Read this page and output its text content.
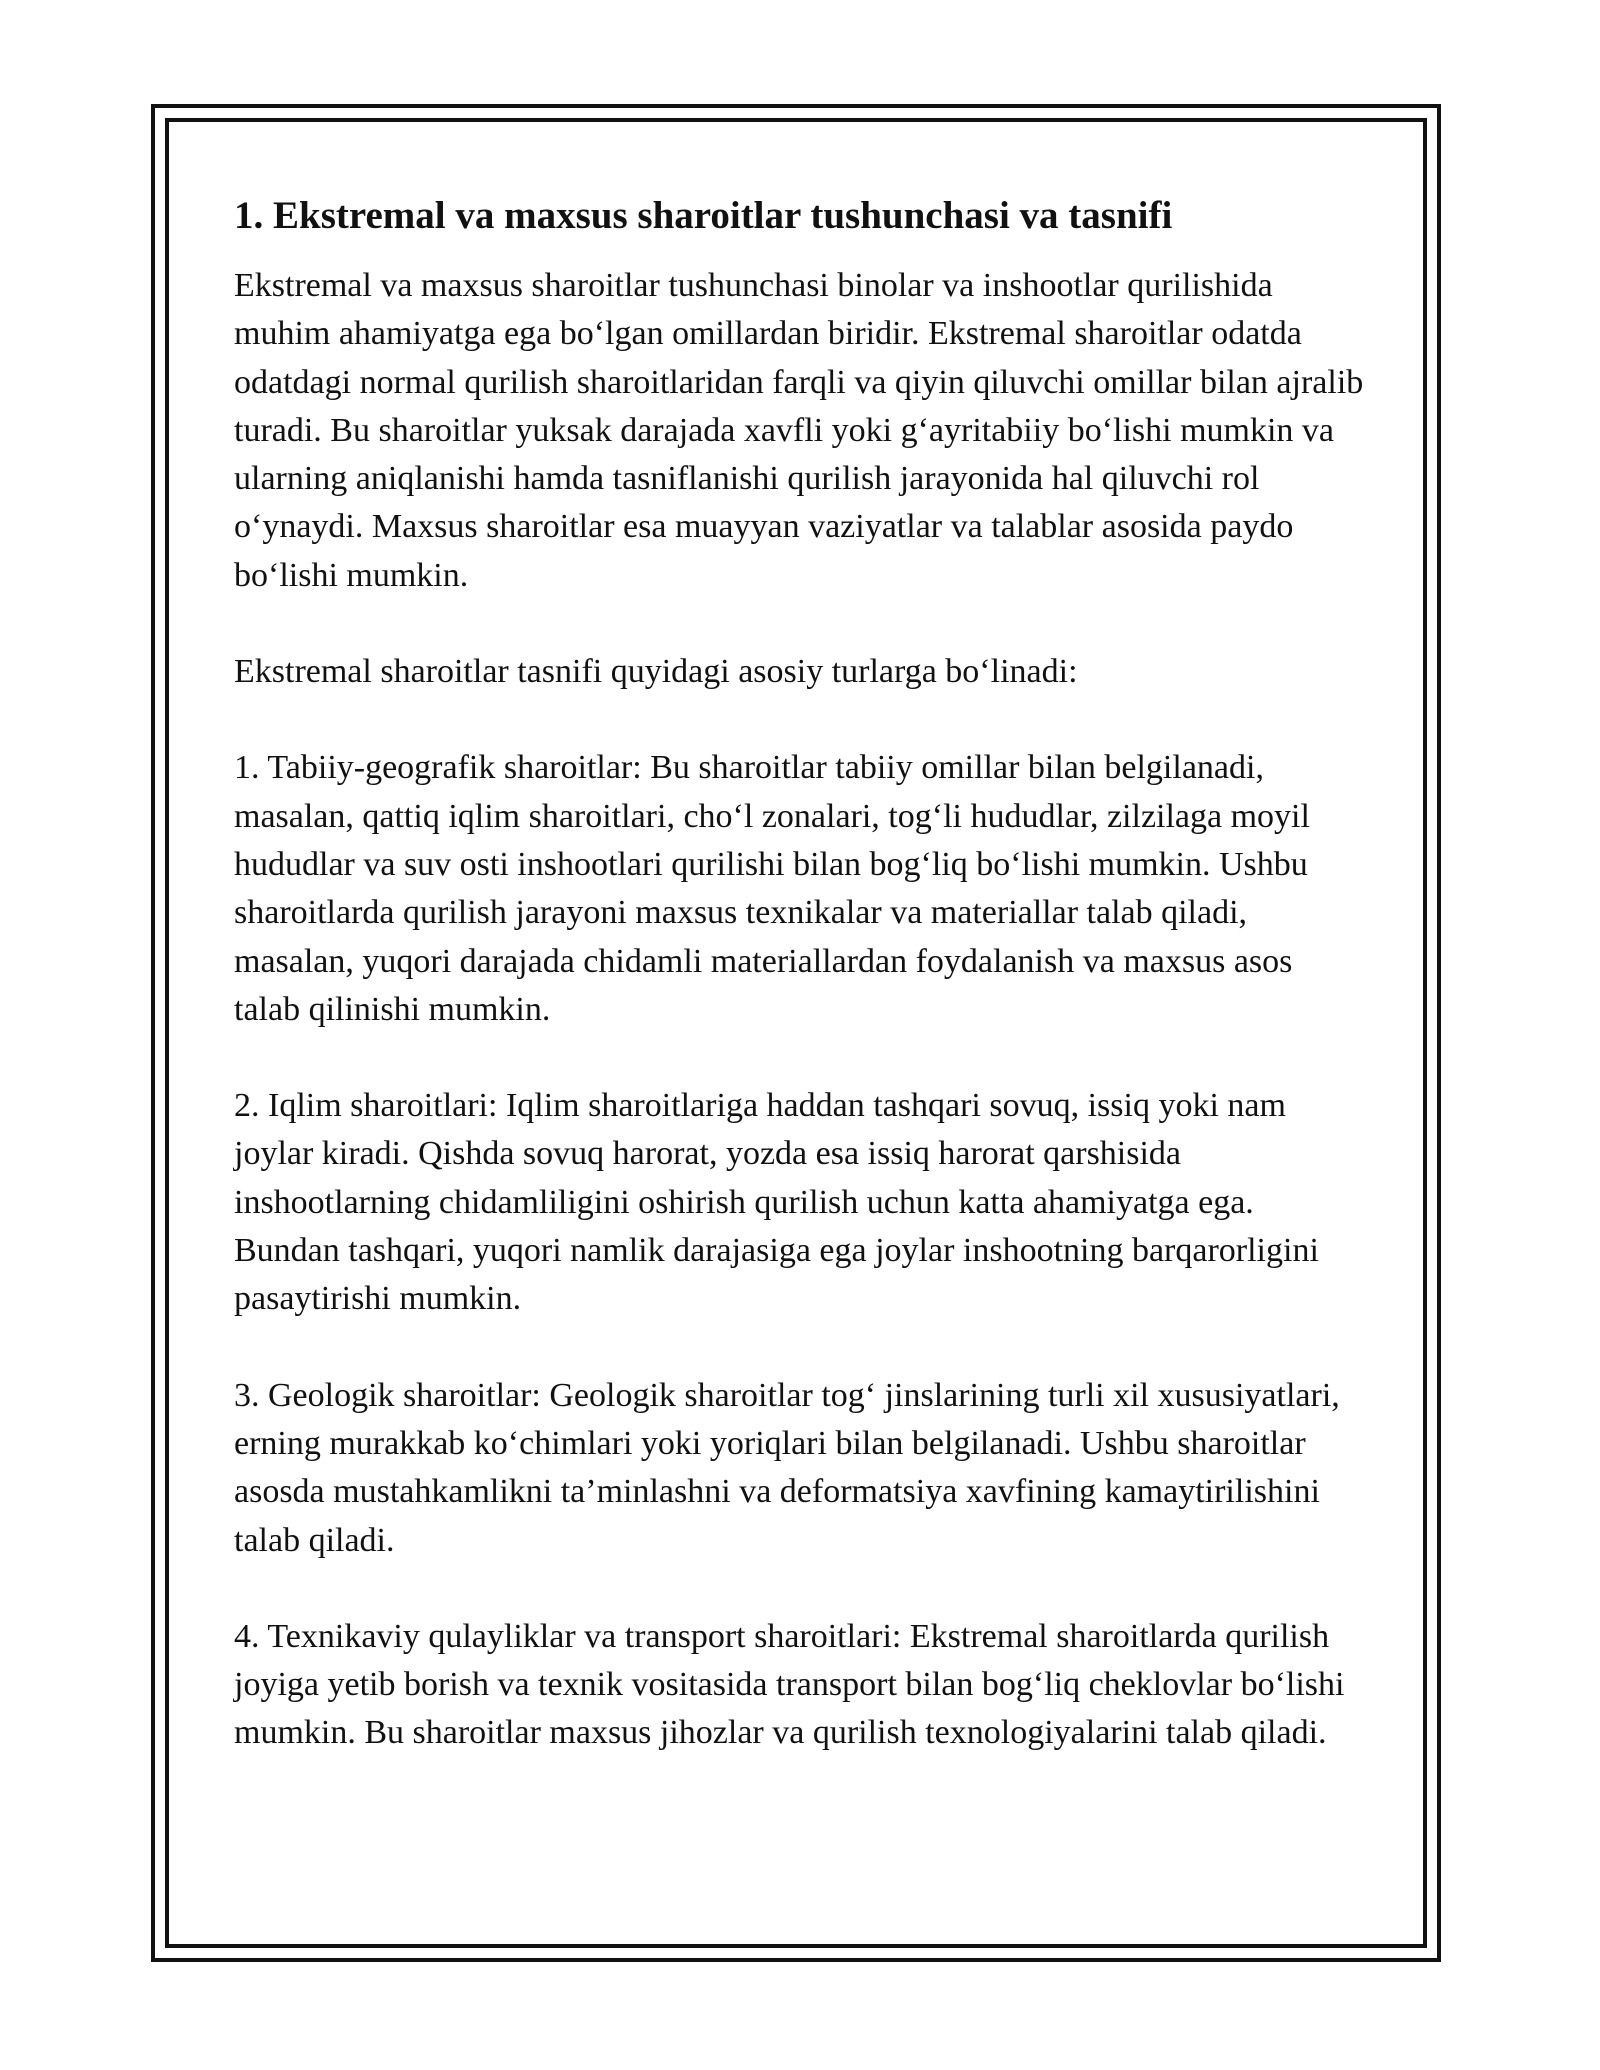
1. Ekstremal va maxsus sharoitlar tushunchasi va tasnifi

Ekstremal va maxsus sharoitlar tushunchasi binolar va inshootlar qurilishida muhim ahamiyatga ega bo‘lgan omillardan biridir. Ekstremal sharoitlar odatda odatdagi normal qurilish sharoitlaridan farqli va qiyin qiluvchi omillar bilan ajralib turadi. Bu sharoitlar yuksak darajada xavfli yoki g‘ayritabiiy bo‘lishi mumkin va ularning aniqlanishi hamda tasniflanishi qurilish jarayonida hal qiluvchi rol o‘ynaydi. Maxsus sharoitlar esa muayyan vaziyatlar va talablar asosida paydo bo‘lishi mumkin.

Ekstremal sharoitlar tasnifi quyidagi asosiy turlarga bo‘linadi:

1. Tabiiy-geografik sharoitlar: Bu sharoitlar tabiiy omillar bilan belgilanadi, masalan, qattiq iqlim sharoitlari, cho‘l zonalari, tog‘li hududlar, zilzilaga moyil hududlar va suv osti inshootlari qurilishi bilan bog‘liq bo‘lishi mumkin. Ushbu sharoitlarda qurilish jarayoni maxsus texnikalar va materiallar talab qiladi, masalan, yuqori darajada chidamli materiallardan foydalanish va maxsus asos talab qilinishi mumkin.

2. Iqlim sharoitlari: Iqlim sharoitlariga haddan tashqari sovuq, issiq yoki nam joylar kiradi. Qishda sovuq harorat, yozda esa issiq harorat qarshisida inshootlarning chidamliligini oshirish qurilish uchun katta ahamiyatga ega. Bundan tashqari, yuqori namlik darajasiga ega joylar inshootning barqarorligini pasaytirishi mumkin.

3. Geologik sharoitlar: Geologik sharoitlar tog‘ jinslarining turli xil xususiyatlari, erning murakkab ko‘chimlari yoki yoriqlari bilan belgilanadi. Ushbu sharoitlar asosda mustahkamlikni ta’minlashni va deformatsiya xavfining kamaytirilishini talab qiladi.

4. Texnikaviy qulayliklar va transport sharoitlari: Ekstremal sharoitlarda qurilish joyiga yetib borish va texnik vositasida transport bilan bog‘liq cheklovlar bo‘lishi mumkin. Bu sharoitlar maxsus jihozlar va qurilish texnologiyalarini talab qiladi.
